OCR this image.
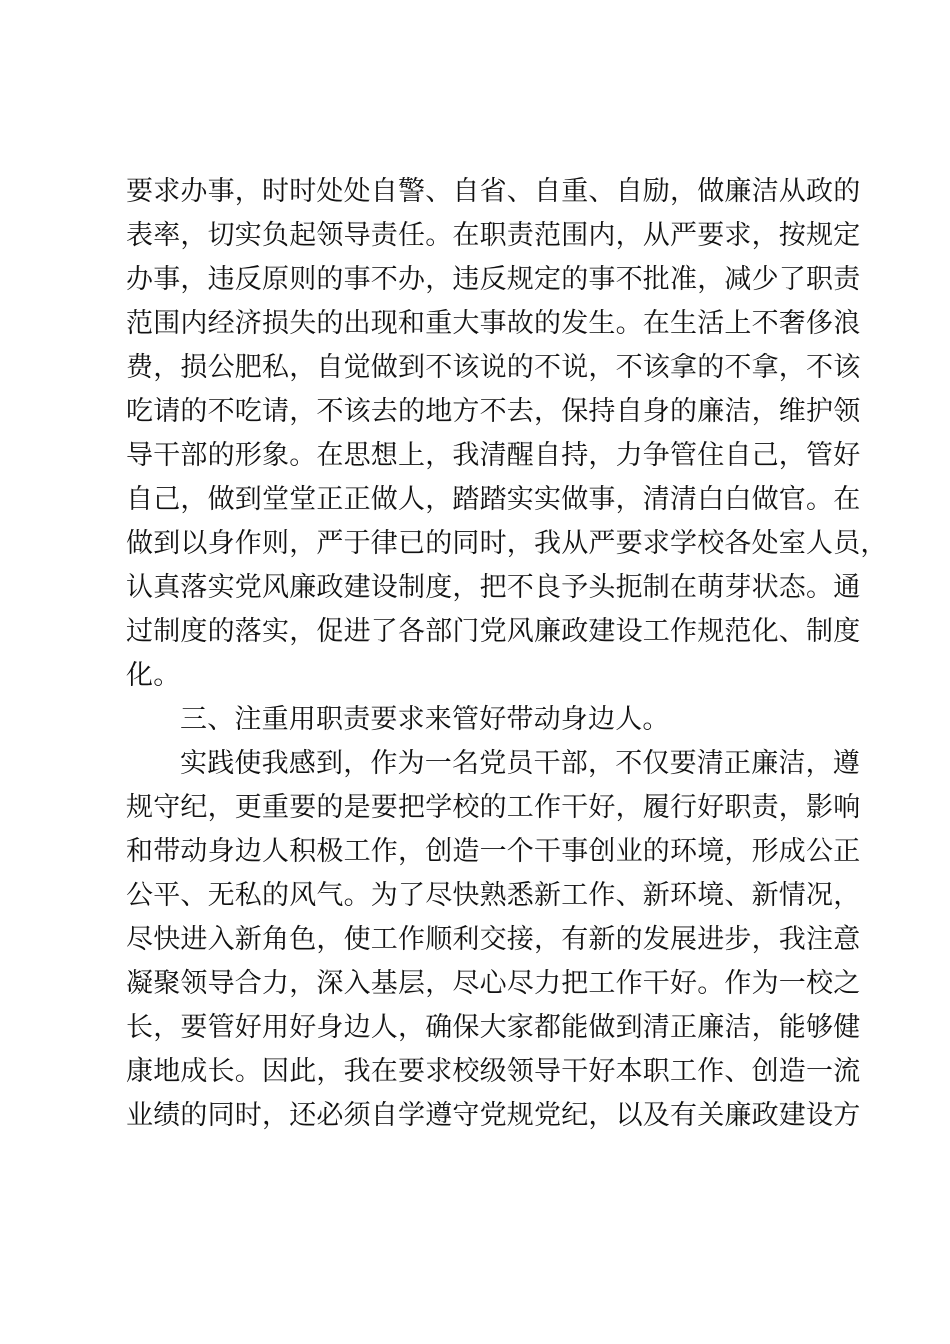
要求办事，时时处处自警、自省、自重、自励，做廉洁从政的
表率，切实负起领导责任。在职责范围内，从严要求，按规定
办事，违反原则的事不办，违反规定的事不批准，减少了职责
范围内经济损失的出现和重大事故的发生。在生活上不奢侈浪
费，损公肥私，自觉做到不该说的不说，不该拿的不拿，不该
吃请的不吃请，不该去的地方不去，保持自身的廉洁，维护领
导干部的形象。在思想上，我清醒自持，力争管住自己，管好
自己，做到堂堂正正做人，踏踏实实做事，清清白白做官。在
做到以身作则，严于律已的同时，我从严要求学校各处室人员，
认真落实党风廉政建设制度，把不良予头扼制在萌芽状态。通
过制度的落实，促进了各部门党风廉政建设工作规范化、制度
化。
三、注重用职责要求来管好带动身边人。
实践使我感到，作为一名党员干部，不仅要清正廉洁，遵
规守纪，更重要的是要把学校的工作干好，履行好职责，影响
和带动身边人积极工作，创造一个干事创业的环境，形成公正
公平、无私的风气。为了尽快熟悉新工作、新环境、新情况，
尽快进入新角色，使工作顺利交接，有新的发展进步，我注意
凝聚领导合力，深入基层，尽心尽力把工作干好。作为一校之
长，要管好用好身边人，确保大家都能做到清正廉洁，能够健
康地成长。因此，我在要求校级领导干好本职工作、创造一流
业绩的同时，还必须自学遵守党规党纪，以及有关廉政建设方
